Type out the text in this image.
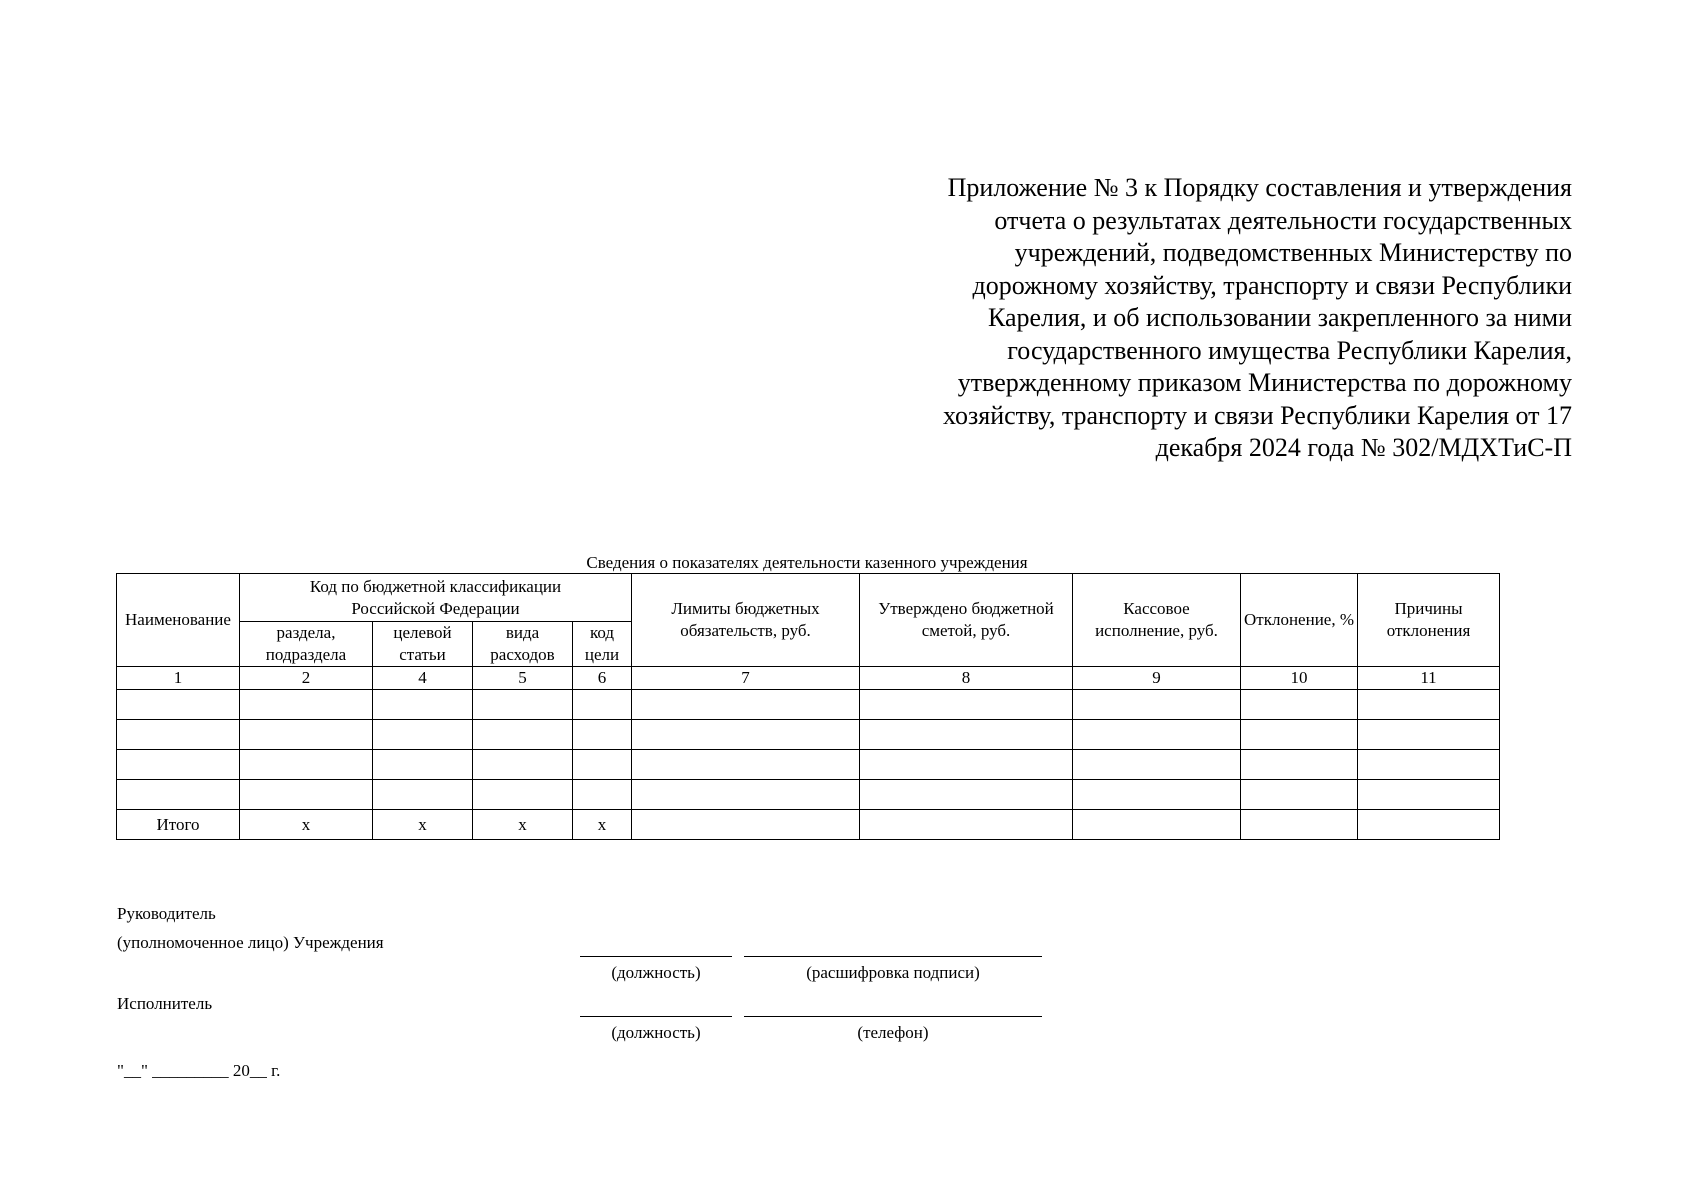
Приложение № 3 к Порядку составления и утверждения
отчета о результатах деятельности государственных
учреждений, подведомственных Министерству по
дорожному хозяйству, транспорту и связи Республики
Карелия, и об использовании закрепленного за ними
государственного имущества Республики Карелия,
утвержденному приказом Министерства по дорожному
хозяйству, транспорту и связи Республики Карелия от 17
декабря 2024 года № 302/МДХТиС-П
Сведения о показателях деятельности казенного учреждения
Наименование	Код по бюджетной классификации Российской Федерации				Лимиты бюджетных обязательств, руб.	Утверждено бюджетной сметой, руб.	Кассовое исполнение, руб.	Отклонение, %	Причины отклонения
	раздела, подраздела	целевой статьи	вида расходов	код цели					
1	2	4	5	6	7	8	9	10	11

Итого	х	х	х	х					
Руководитель
(уполномоченное лицо) Учреждения
(должность)	(расшифровка подписи)
Исполнитель
(должность)	(телефон)
"__" _________ 20__ г.
